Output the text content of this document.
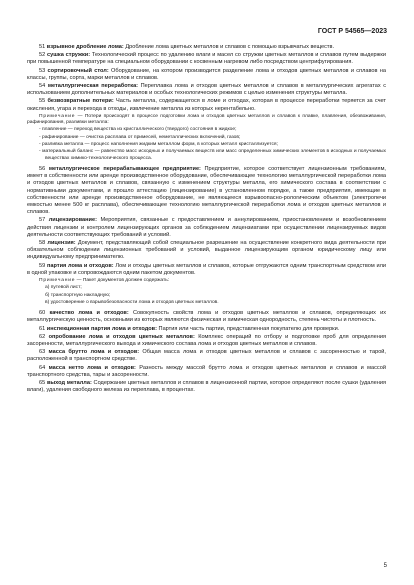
ГОСТ Р 54565—2023

51 взрывное дробление лома: Дробление лома цветных металлов и сплавов с помощью взрывчатых веществ.

52 сушка стружки: Технологический процесс по удалению влаги и масел со стружки цветных металлов и сплавов путем выдержки при повышенной температуре на специальном оборудовании с косвенным нагревом либо посредством центрифугирования.

53 сортировочный стол: Оборудование, на котором производится разделение лома и отходов цветных металлов и сплавов на классы, группы, сорта, марки металлов и сплавов.

54 металлургическая переработка: Переплавка лома и отходов цветных металлов и сплавов в металлургических агрегатах с использованием дополнительных материалов и особых технологических режимов с целью изменения структуры металла.

55 безвозвратные потери: Часть металла, содержащегося в ломе и отходах, которая в процессе переработки теряется за счет окисления, угара и перехода в отходы, извлечение металла из которых нерентабельно.

Примечание — Потери происходят в процессе подготовки лома и отходов цветных металлов и сплавов к плавке, плавления, обезвоживания, рафинирования, разливки металла:

- плавление — переход вещества из кристаллического (твердого) состояния в жидкое;

- рафинирование — очистка расплава от примесей, неметаллических включений, газов;

- разливка металла — процесс наполнения жидким металлом форм, в которых металл кристаллизуется;

- материальный баланс — равенство масс исходных и получаемых веществ или масс определенных химических элементов в исходных и получаемых веществах химико-технологического процесса.

56 металлургическое перерабатывающее предприятие: Предприятие, которое соответствует лицензионным требованиям, имеет в собственности или аренде производственное оборудование, обеспечивающее технологию металлургической переработки лома и отходов цветных металлов и сплавов, связанную с изменением структуры металла, его химического состава в соответствии с нормативными документами, и прошло аттестацию (лицензирование) в установленном порядке, а также предприятия, имеющие в собственности или аренде производственное оборудование, не являющееся взрывоопасно-рологическим объектом (электропечи емкостью менее 500 кг расплава), обеспечивающее технологию металлургической переработки лома и отходов цветных металлов и сплавов.

57 лицензирование: Мероприятия, связанные с предоставлением и аннулированием, приостановлением и возобновлением действия лицензии и контролем лицензирующих органов за соблюдением лицензиатами при осуществлении лицензируемых видов деятельности соответствующих требований и условий.

58 лицензия: Документ, представляющий собой специальное разрешение на осуществление конкретного вида деятельности при обязательном соблюдении лицензионных требований и условий, выданное лицензирующим органом юридическому лицу или индивидуальному предпринимателю.

59 партия лома и отходов: Лом и отходы цветных металлов и сплавов, которые отгружаются одним транспортным средством или в одной упаковке и сопровождаются одним пакетом документов.

Примечание — Пакет документов должен содержать:

а) путевой лист;

б) транспортную накладную;

в) удостоверение о взрывобезопасности лома и отходов цветных металлов.

60 качество лома и отходов: Совокупность свойств лома и отходов цветных металлов и сплавов, определяющих их металлургическую ценность, основными из которых являются физическая и химическая однородность, степень чистоты и плотность.

61 инспекционная партия лома и отходов: Партия или часть партии, представленная покупателю для проверки.

62 опробование лома и отходов цветных металлов: Комплекс операций по отбору и подготовке проб для определения засоренности, металлургического выхода и химического состава лома и отходов цветных металлов и сплавов.

63 масса брутто лома и отходов: Общая масса лома и отходов цветных металлов и сплавов с засоренностью и тарой, расположенной в транспортном средстве.

64 масса нетто лома и отходов: Разность между массой брутто лома и отходов цветных металлов и сплавов и массой транспортного средства, тары и засоренности.

65 выход металла: Содержание цветных металлов и сплавов в лицензионной партии, которое определяют после сушки (удаления влаги), удаления свободного железа из переплава, в процентах.

5
